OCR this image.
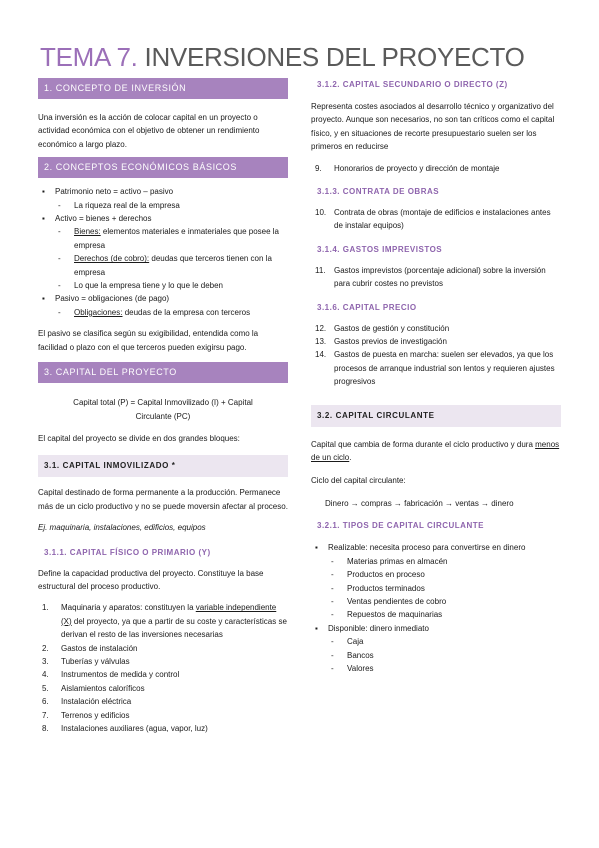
TEMA 7. INVERSIONES DEL PROYECTO
1. CONCEPTO DE INVERSIÓN

Una inversión es la acción de colocar capital en un proyecto o actividad económica con el objetivo de obtener un rendimiento económico a largo plazo.

2. CONCEPTOS ECONÓMICOS BÁSICOS
▪ Patrimonio neto = activo – pasivo
- La riqueza real de la empresa
▪ Activo = bienes + derechos
- Bienes: elementos materiales e inmateriales que posee la empresa
- Derechos (de cobro): deudas que terceros tienen con la empresa
- Lo que la empresa tiene y lo que le deben
▪ Pasivo = obligaciones (de pago)
- Obligaciones: deudas de la empresa con terceros

El pasivo se clasifica según su exigibilidad, entendida como la facilidad o plazo con el que terceros pueden exigirsu pago.

3. CAPITAL DEL PROYECTO

Capital total (P) = Capital Inmovilizado (I) + Capital Circulante (PC)

El capital del proyecto se divide en dos grandes bloques:

3.1. CAPITAL INMOVILIZADO *

Capital destinado de forma permanente a la producción. Permanece más de un ciclo productivo y no se puede moversin afectar al proceso.

Ej. maquinaria, instalaciones, edificios, equipos

3.1.1. CAPITAL FÍSICO O PRIMARIO (Y)

Define la capacidad productiva del proyecto. Constituye la base estructural del proceso productivo.

1. Maquinaria y aparatos: constituyen la variable independiente (X) del proyecto, ya que a partir de su coste y características se derivan el resto de las inversiones necesarias
2. Gastos de instalación
3. Tuberías y válvulas
4. Instrumentos de medida y control
5. Aislamientos caloríficos
6. Instalación eléctrica
7. Terrenos y edificios
8. Instalaciones auxiliares (agua, vapor, luz)
3.1.2. CAPITAL SECUNDARIO O DIRECTO (Z)

Representa costes asociados al desarrollo técnico y organizativo del proyecto. Aunque son necesarios, no son tan críticos como el capital físico, y en situaciones de recorte presupuestario suelen ser los primeros en reducirse

9. Honorarios de proyecto y dirección de montaje
3.1.3. CONTRATA DE OBRAS
10. Contrata de obras (montaje de edificios e instalaciones antes de instalar equipos)
3.1.4. GASTOS IMPREVISTOS
11. Gastos imprevistos (porcentaje adicional) sobre la inversión para cubrir costes no previstos
3.1.6. CAPITAL PRECIO
12. Gastos de gestión y constitución
13. Gastos previos de investigación
14. Gastos de puesta en marcha: suelen ser elevados, ya que los procesos de arranque industrial son lentos y requieren ajustes progresivos
3.2. CAPITAL CIRCULANTE

Capital que cambia de forma durante el ciclo productivo y dura menos de un ciclo.

Ciclo del capital circulante:

Dinero → compras → fabricación → ventas → dinero

3.2.1. TIPOS DE CAPITAL CIRCULANTE
▪ Realizable: necesita proceso para convertirse en dinero
- Materias primas en almacén
- Productos en proceso
- Productos terminados
- Ventas pendientes de cobro
- Repuestos de maquinarias
▪ Disponible: dinero inmediato
- Caja
- Bancos
- Valores
